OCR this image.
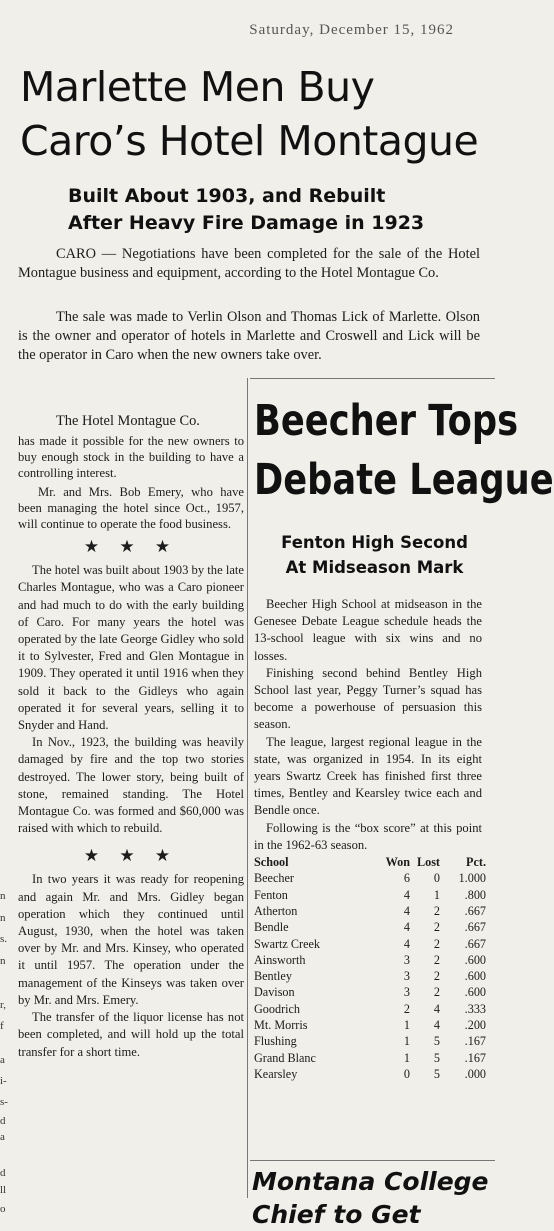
Saturday, December 15, 1962
Marlette Men Buy
Caro’s Hotel Montague
Built About 1903, and Rebuilt
After Heavy Fire Damage in 1923

CARO — Negotiations have been completed for the sale of the Hotel Montague business and equipment, according to the Hotel Montague Co.

The sale was made to Verlin Olson and Thomas Lick of Marlette. Olson is the owner and operator of hotels in Marlette and Croswell and Lick will be the operator in Caro when the new owners take over.

The Hotel Montague Co.

has made it possible for the new owners to buy enough stock in the building to have a controlling interest.

Mr. and Mrs. Bob Emery, who have been managing the hotel since Oct., 1957, will continue to operate the food business.

★ ★ ★

The hotel was built about 1903 by the late Charles Montague, who was a Caro pioneer and had much to do with the early building of Caro. For many years the hotel was operated by the late George Gidley who sold it to Sylvester, Fred and Glen Montague in 1909. They operated it until 1916 when they sold it back to the Gidleys who again operated it for several years, selling it to Snyder and Hand.

In Nov., 1923, the building was heavily damaged by fire and the top two stories destroyed. The lower story, being built of stone, remained standing. The Hotel Montague Co. was formed and $60,000 was raised with which to rebuild.

★ ★ ★

In two years it was ready for reopening and again Mr. and Mrs. Gidley began operation which they continued until August, 1930, when the hotel was taken over by Mr. and Mrs. Kinsey, who operated it until 1957. The operation under the management of the Kinseys was taken over by Mr. and Mrs. Emery.

The transfer of the liquor license has not been completed, and will hold up the total transfer for a short time.

Beecher Tops
Debate League
Fenton High Second
At Midseason Mark

Beecher High School at midseason in the Genesee Debate League schedule heads the 13-school league with six wins and no losses.

Finishing second behind Bentley High School last year, Peggy Turner’s squad has become a powerhouse of persuasion this season.

The league, largest regional league in the state, was organized in 1954. In its eight years Swartz Creek has finished first three times, Bentley and Kearsley twice each and Bendle once.

Following is the “box score” at this point in the 1962-63 season.

School	Won	Lost	Pct.
Beecher	6	0	1.000
Fenton	4	1	.800
Atherton	4	2	.667
Bendle	4	2	.667
Swartz Creek	4	2	.667
Ainsworth	3	2	.600
Bentley	3	2	.600
Davison	3	2	.600
Goodrich	2	4	.333
Mt. Morris	1	4	.200
Flushing	1	5	.167
Grand Blanc	1	5	.167
Kearsley	0	5	.000
Montana College
Chief to Get
n
n
s.
n
r,
f
a
i-
s-
d
a
d
ll
o
